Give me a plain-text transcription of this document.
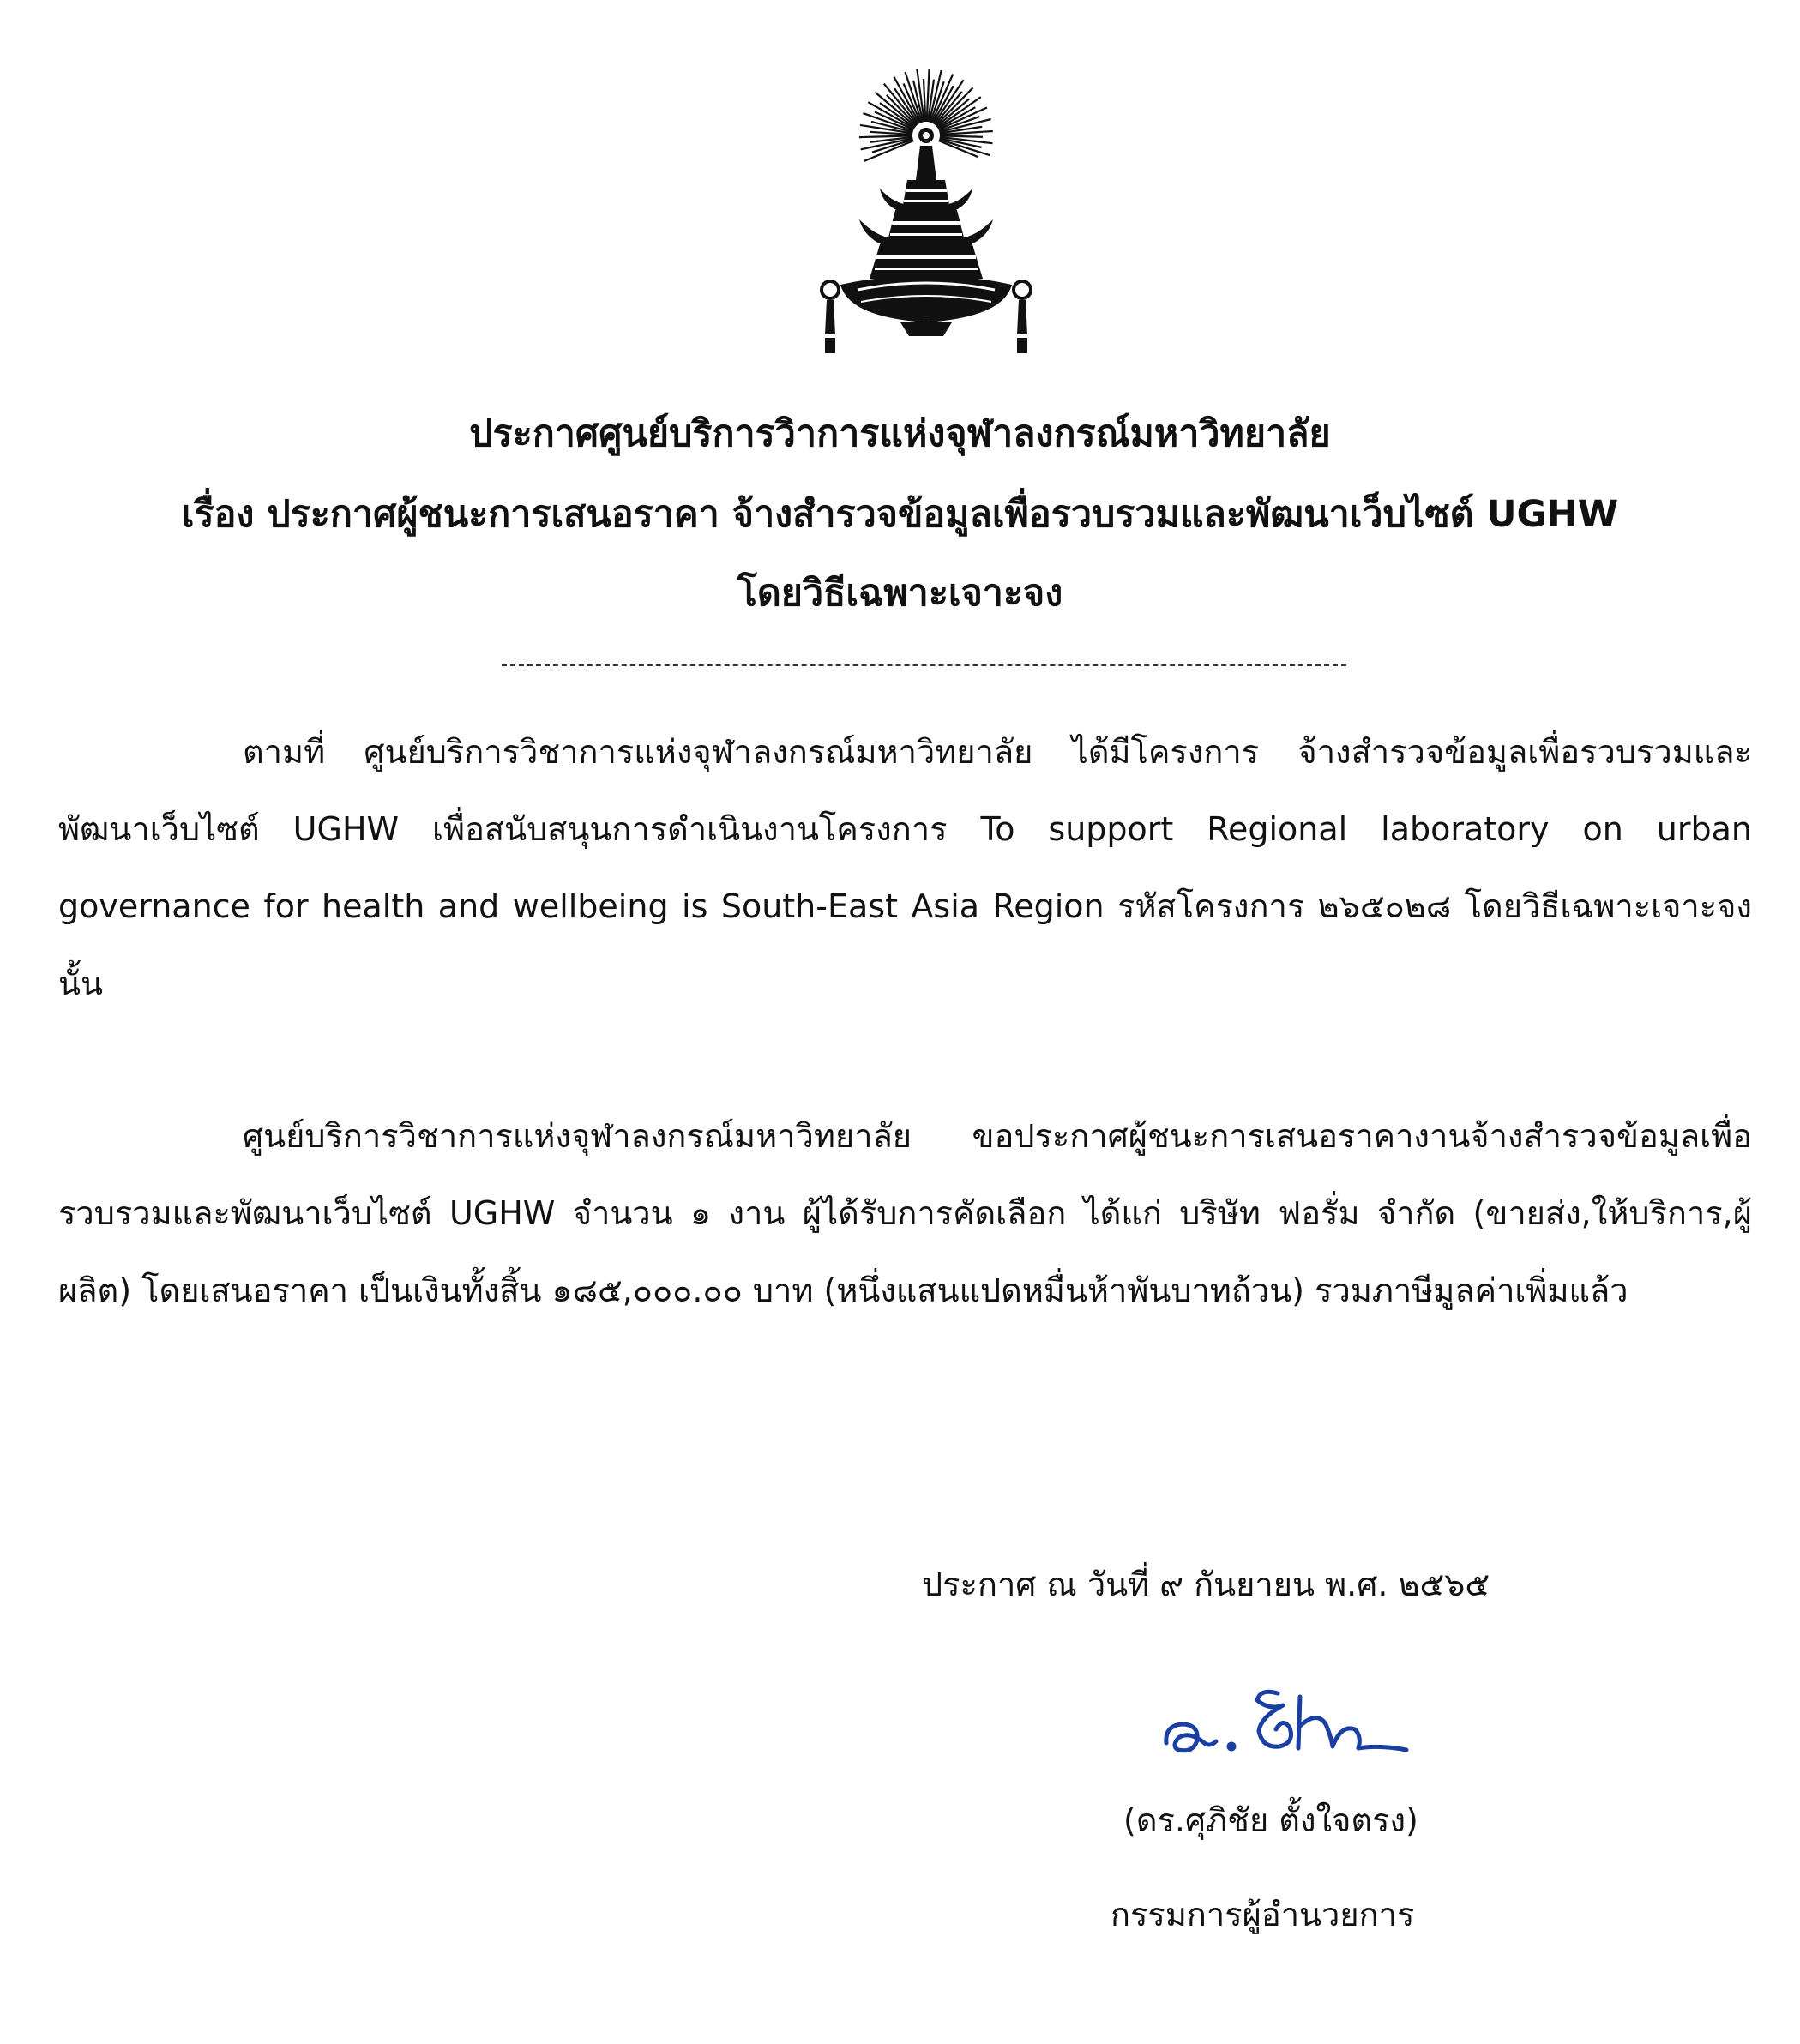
ประกาศศูนย์บริการวิาการแห่งจุฬาลงกรณ์มหาวิทยาลัย
เรื่อง ประกาศผู้ชนะการเสนอราคา จ้างสำรวจข้อมูลเพื่อรวบรวมและพัฒนาเว็บไซต์ UGHW
โดยวิธีเฉพาะเจาะจง

ตามที่ ศูนย์บริการวิชาการแห่งจุฬาลงกรณ์มหาวิทยาลัย ได้มีโครงการ จ้างสำรวจข้อมูลเพื่อรวบรวมและพัฒนาเว็บไซต์ UGHW เพื่อสนับสนุนการดำเนินงานโครงการ To support Regional laboratory on urban governance for health and wellbeing is South-East Asia Region รหัสโครงการ ๒๖๕๐๒๘ โดยวิธีเฉพาะเจาะจง นั้น

ศูนย์บริการวิชาการแห่งจุฬาลงกรณ์มหาวิทยาลัย ขอประกาศผู้ชนะการเสนอราคางานจ้างสำรวจข้อมูลเพื่อรวบรวมและพัฒนาเว็บไซต์ UGHW จำนวน ๑ งาน ผู้ได้รับการคัดเลือก ได้แก่ บริษัท ฟอรั่ม จำกัด (ขายส่ง,ให้บริการ,ผู้ผลิต) โดยเสนอราคา เป็นเงินทั้งสิ้น ๑๘๕,๐๐๐.๐๐ บาท (หนึ่งแสนแปดหมื่นห้าพันบาทถ้วน) รวมภาษีมูลค่าเพิ่มแล้ว

ประกาศ ณ วันที่ ๙ กันยายน พ.ศ. ๒๕๖๕
(ดร.ศุภิชัย ตั้งใจตรง)
กรรมการผู้อำนวยการ
